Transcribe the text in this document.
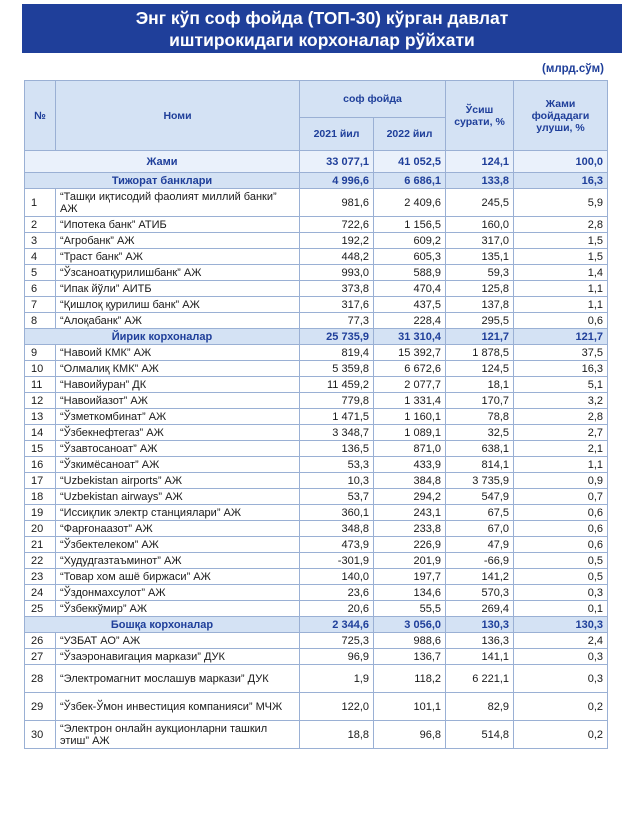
Энг кўп соф фойда (ТОП-30) кўрган давлат
иштирокидаги корхоналар рўйхати
(млрд.сўм)
№	Номи	соф фойда		Ўсиш сурати, %	Жами фойдадаги улуши, %
		2021 йил	2022 йил		
Жами		33 077,1	41 052,5	124,1	100,0
Тижорат банклари		4 996,6	6 686,1	133,8	16,3
1	“Ташқи иқтисодий фаолият миллий банки” АЖ	981,6	2 409,6	245,5	5,9
2	“Ипотека банк” АТИБ	722,6	1 156,5	160,0	2,8
3	“Агробанк” АЖ	192,2	609,2	317,0	1,5
4	“Траст банк” АЖ	448,2	605,3	135,1	1,5
5	“Ўзсаноатқурилишбанк” АЖ	993,0	588,9	59,3	1,4
6	“Ипак йўли” АИТБ	373,8	470,4	125,8	1,1
7	“Қишлоқ қурилиш банк” АЖ	317,6	437,5	137,8	1,1
8	“Алоқабанк” АЖ	77,3	228,4	295,5	0,6
Йирик корхоналар		25 735,9	31 310,4	121,7	121,7
9	“Навоий КМК” АЖ	819,4	15 392,7	1 878,5	37,5
10	“Олмалиқ КМК” АЖ	5 359,8	6 672,6	124,5	16,3
11	“Навоийуран” ДК	11 459,2	2 077,7	18,1	5,1
12	“Навоийазот” АЖ	779,8	1 331,4	170,7	3,2
13	“Ўзметкомбинат” АЖ	1 471,5	1 160,1	78,8	2,8
14	“Ўзбекнефтегаз” АЖ	3 348,7	1 089,1	32,5	2,7
15	“Ўзавтосаноат” АЖ	136,5	871,0	638,1	2,1
16	“Ўзкимёсаноат” АЖ	53,3	433,9	814,1	1,1
17	“Uzbekistan airports” АЖ	10,3	384,8	3 735,9	0,9
18	“Uzbekistan airways” АЖ	53,7	294,2	547,9	0,7
19	“Иссиқлик электр станциялари” АЖ	360,1	243,1	67,5	0,6
20	“Фарғонаазот” АЖ	348,8	233,8	67,0	0,6
21	“Ўзбектелеком” АЖ	473,9	226,9	47,9	0,6
22	“Худудгазтаъминот” АЖ	-301,9	201,9	-66,9	0,5
23	“Товар хом ашё биржаси” АЖ	140,0	197,7	141,2	0,5
24	“Ўздонмахсулот” АЖ	23,6	134,6	570,3	0,3
25	“Ўзбеккўмир” АЖ	20,6	55,5	269,4	0,1
Бошқа корхоналар		2 344,6	3 056,0	130,3	130,3
26	“УЗБАТ АО” АЖ	725,3	988,6	136,3	2,4
27	“Ўзаэронавигация маркази” ДУК	96,9	136,7	141,1	0,3
28	“Электромагнит мослашув маркази” ДУК	1,9	118,2	6 221,1	0,3
29	“Ўзбек-Ўмон инвестиция компанияси” МЧЖ	122,0	101,1	82,9	0,2
30	“Электрон онлайн аукционларни ташкил этиш” АЖ	18,8	96,8	514,8	0,2
